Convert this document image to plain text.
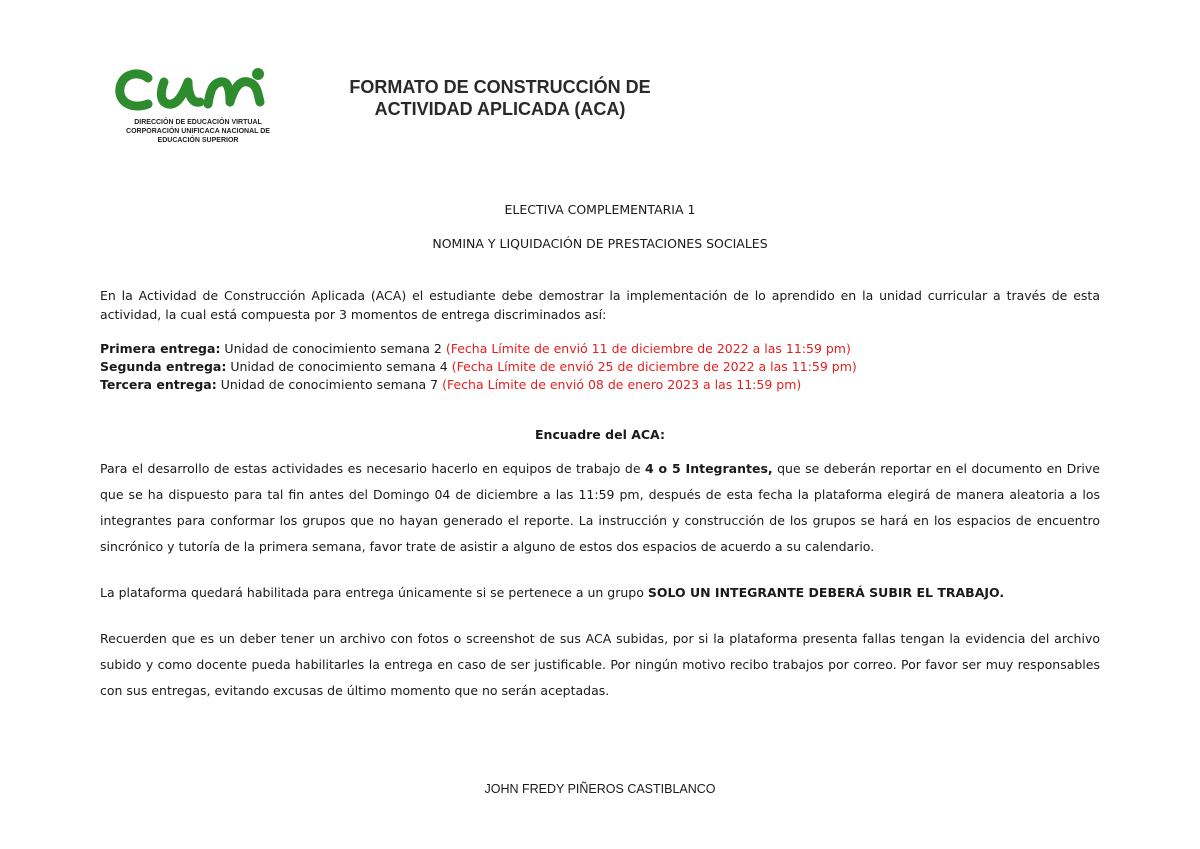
DIRECCIÓN DE EDUCACIÓN VIRTUAL
CORPORACIÓN UNIFICACA NACIONAL DE
EDUCACIÓN SUPERIOR
FORMATO DE CONSTRUCCIÓN DE
ACTIVIDAD APLICADA (ACA)
ELECTIVA COMPLEMENTARIA 1
NOMINA Y LIQUIDACIÓN DE PRESTACIONES SOCIALES
En la Actividad de Construcción Aplicada (ACA) el estudiante debe demostrar la implementación de lo aprendido en la unidad curricular a través de esta actividad, la cual está compuesta por 3 momentos de entrega discriminados así:
Primera entrega: Unidad de conocimiento semana 2 (Fecha Límite de envió 11 de diciembre de 2022 a las 11:59 pm)
Segunda entrega: Unidad de conocimiento semana 4 (Fecha Límite de envió 25 de diciembre de 2022 a las 11:59 pm)
Tercera entrega: Unidad de conocimiento semana 7 (Fecha Límite de envió 08 de enero 2023 a las 11:59 pm)
Encuadre del ACA:
Para el desarrollo de estas actividades es necesario hacerlo en equipos de trabajo de 4 o 5 Integrantes, que se deberán reportar en el documento en Drive que se ha dispuesto para tal fin antes del Domingo 04 de diciembre a las 11:59 pm, después de esta fecha la plataforma elegirá de manera aleatoria a los integrantes para conformar los grupos que no hayan generado el reporte. La instrucción y construcción de los grupos se hará en los espacios de encuentro sincrónico y tutoría de la primera semana, favor trate de asistir a alguno de estos dos espacios de acuerdo a su calendario.
La plataforma quedará habilitada para entrega únicamente si se pertenece a un grupo SOLO UN INTEGRANTE DEBERÁ SUBIR EL TRABAJO.
Recuerden que es un deber tener un archivo con fotos o screenshot de sus ACA subidas, por si la plataforma presenta fallas tengan la evidencia del archivo subido y como docente pueda habilitarles la entrega en caso de ser justificable. Por ningún motivo recibo trabajos por correo. Por favor ser muy responsables con sus entregas, evitando excusas de último momento que no serán aceptadas.
JOHN FREDY PIÑEROS CASTIBLANCO
